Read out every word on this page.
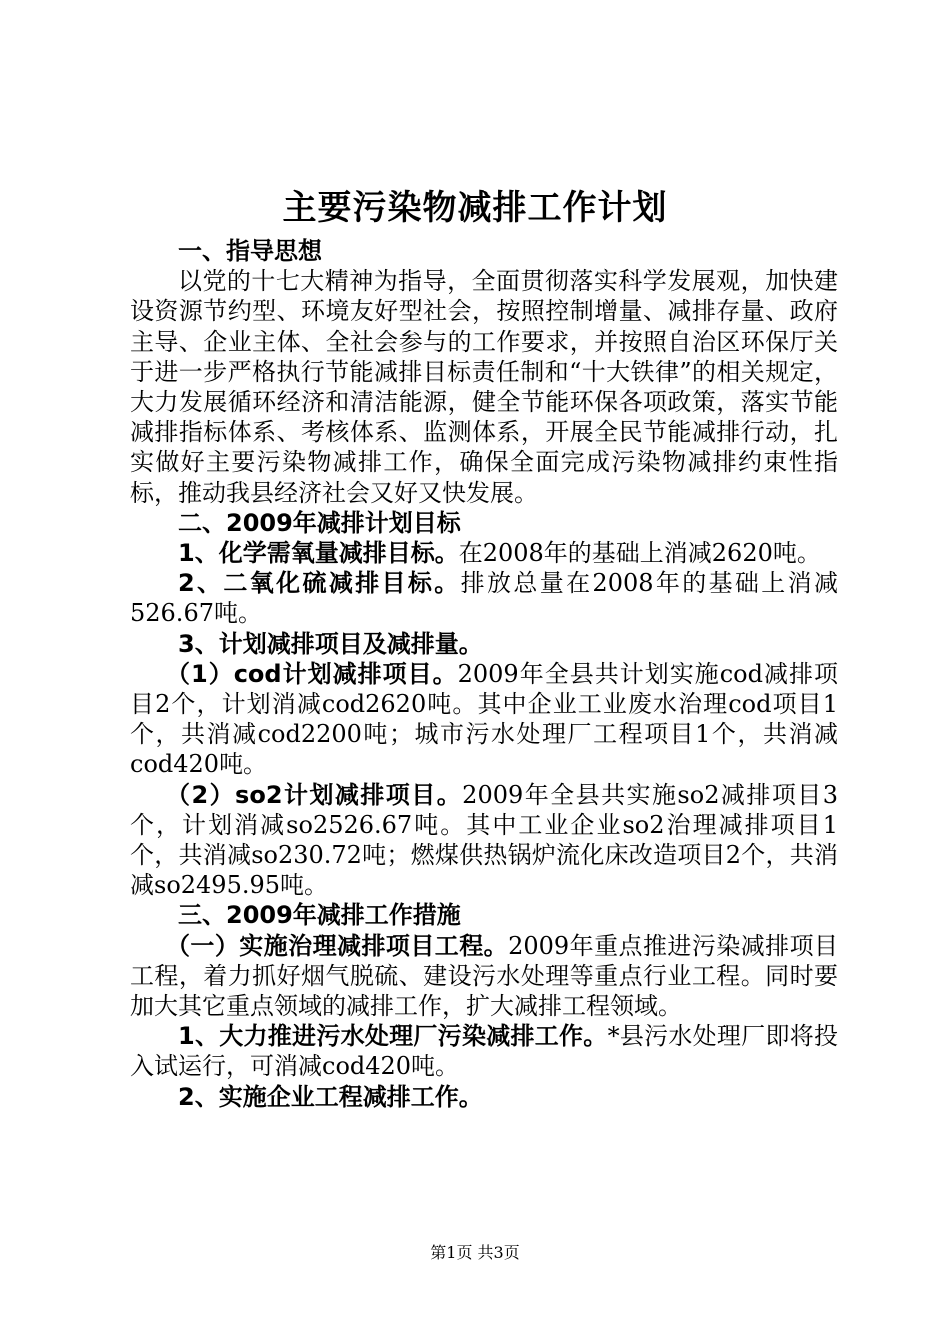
主要污染物减排工作计划

一、指导思想

以党的十七大精神为指导，全面贯彻落实科学发展观，加快建设资源节约型、环境友好型社会，按照控制增量、减排存量、政府主导、企业主体、全社会参与的工作要求，并按照自治区环保厅关于进一步严格执行节能减排目标责任制和“十大铁律”的相关规定，大力发展循环经济和清洁能源，健全节能环保各项政策，落实节能减排指标体系、考核体系、监测体系，开展全民节能减排行动，扎实做好主要污染物减排工作，确保全面完成污染物减排约束性指标，推动我县经济社会又好又快发展。

二、2009年减排计划目标

1、化学需氧量减排目标。在2008年的基础上消减2620吨。

2、二氧化硫减排目标。排放总量在2008年的基础上消减526.67吨。

3、计划减排项目及减排量。

（1）cod计划减排项目。2009年全县共计划实施cod减排项目2个，计划消减cod2620吨。其中企业工业废水治理cod项目1个，共消减cod2200吨；城市污水处理厂工程项目1个，共消减cod420吨。

（2）so2计划减排项目。2009年全县共实施so2减排项目3个，计划消减so2526.67吨。其中工业企业so2治理减排项目1个，共消减so230.72吨；燃煤供热锅炉流化床改造项目2个，共消减so2495.95吨。

三、2009年减排工作措施

（一）实施治理减排项目工程。2009年重点推进污染减排项目工程，着力抓好烟气脱硫、建设污水处理等重点行业工程。同时要加大其它重点领域的减排工作，扩大减排工程领域。

1、大力推进污水处理厂污染减排工作。*县污水处理厂即将投入试运行，可消减cod420吨。

2、实施企业工程减排工作。

第1页 共3页
